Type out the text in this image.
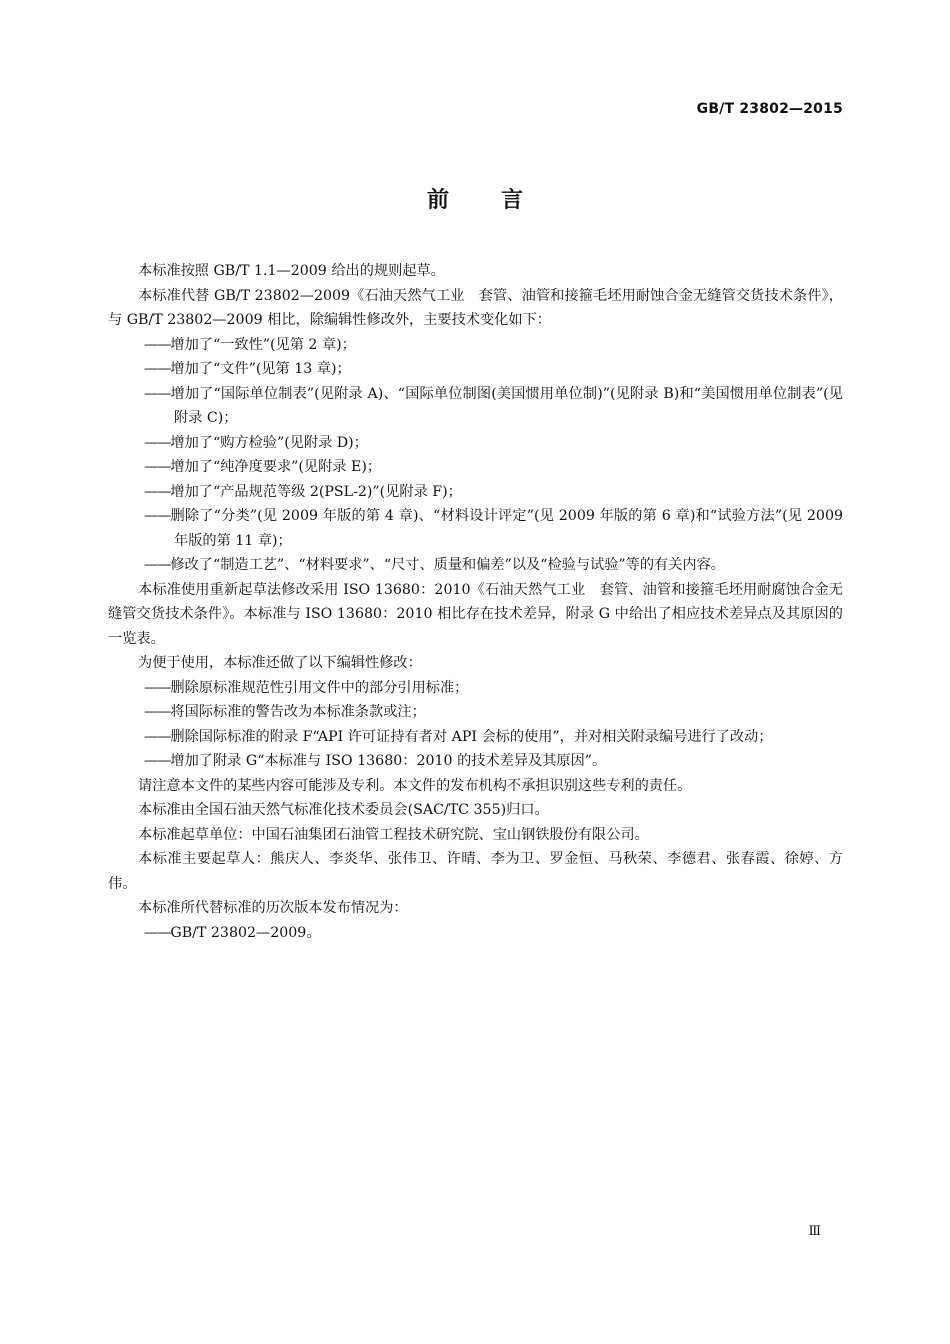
GB/T 23802—2015
前言

本标准按照 GB/T 1.1—2009 给出的规则起草。

本标准代替 GB/T 23802—2009《石油天然气工业　套管、油管和接箍毛坯用耐蚀合金无缝管交货技术条件》，与 GB/T 23802—2009 相比，除编辑性修改外，主要技术变化如下：

——增加了“一致性”(见第 2 章)；

——增加了“文件”(见第 13 章)；

——增加了“国际单位制表”(见附录 A)、“国际单位制图(美国惯用单位制)”(见附录 B)和“美国惯用单位制表”(见附录 C)；

——增加了“购方检验”(见附录 D)；

——增加了“纯净度要求”(见附录 E)；

——增加了“产品规范等级 2(PSL-2)”(见附录 F)；

——删除了“分类”(见 2009 年版的第 4 章)、“材料设计评定”(见 2009 年版的第 6 章)和“试验方法”(见 2009 年版的第 11 章)；

——修改了“制造工艺”、“材料要求”、“尺寸、质量和偏差”以及“检验与试验”等的有关内容。

本标准使用重新起草法修改采用 ISO 13680：2010《石油天然气工业　套管、油管和接箍毛坯用耐腐蚀合金无缝管交货技术条件》。本标准与 ISO 13680：2010 相比存在技术差异，附录 G 中给出了相应技术差异点及其原因的一览表。

为便于使用，本标准还做了以下编辑性修改：

——删除原标准规范性引用文件中的部分引用标准；

——将国际标准的警告改为本标准条款或注；

——删除国际标准的附录 F“API 许可证持有者对 API 会标的使用”，并对相关附录编号进行了改动；

——增加了附录 G“本标准与 ISO 13680：2010 的技术差异及其原因”。

请注意本文件的某些内容可能涉及专利。本文件的发布机构不承担识别这些专利的责任。

本标准由全国石油天然气标准化技术委员会(SAC/TC 355)归口。

本标准起草单位：中国石油集团石油管工程技术研究院、宝山钢铁股份有限公司。

本标准主要起草人：熊庆人、李炎华、张伟卫、许晴、李为卫、罗金恒、马秋荣、李德君、张春霞、徐婷、方伟。

本标准所代替标准的历次版本发布情况为：

——GB/T 23802—2009。

Ⅲ
